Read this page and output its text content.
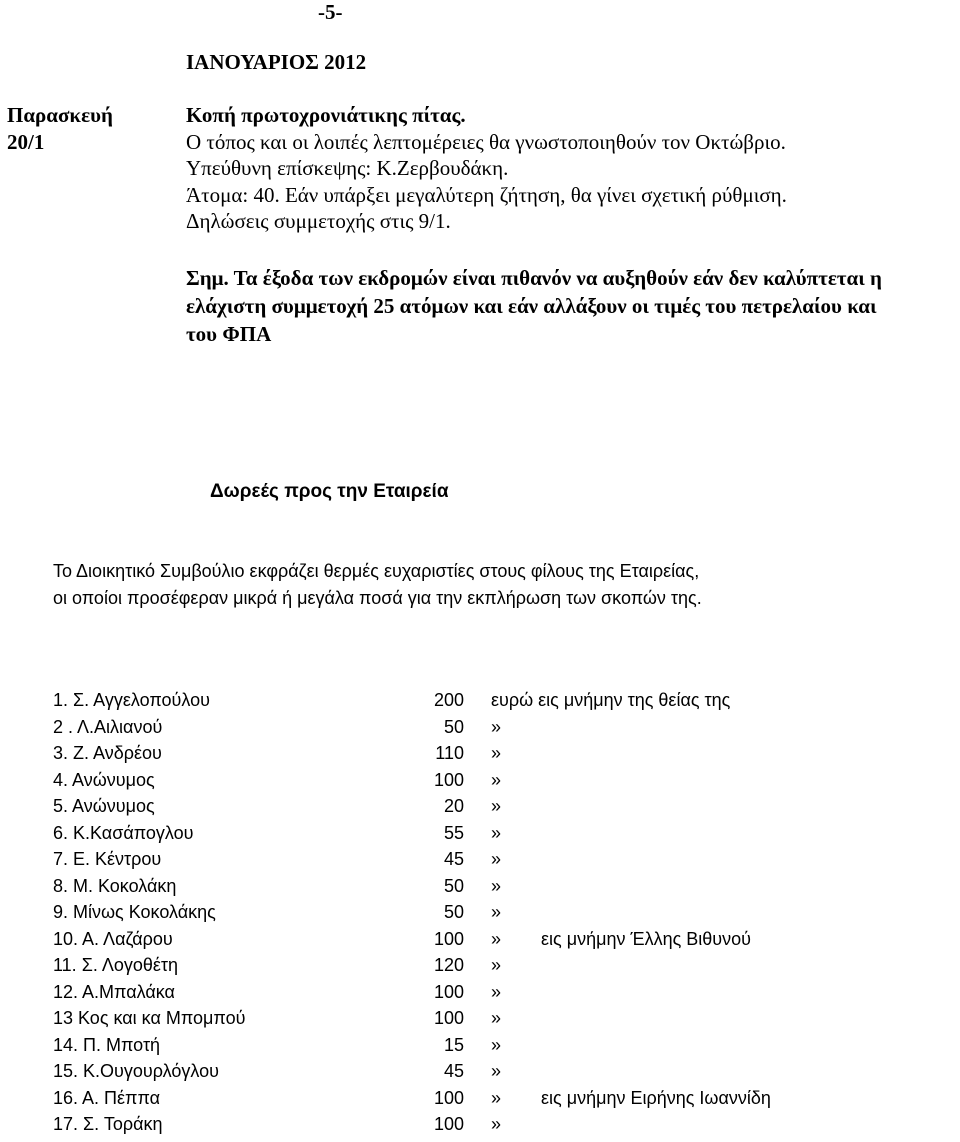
-5-
ΙΑΝΟΥΑΡΙΟΣ 2012
Παρασκευή
20/1
Κοπή πρωτοχρονιάτικης πίτας.
Ο τόπος και οι λοιπές λεπτομέρειες θα γνωστοποιηθούν τον Οκτώβριο.
Υπεύθυνη επίσκεψης: Κ.Ζερβουδάκη.
Άτομα: 40. Εάν υπάρξει μεγαλύτερη ζήτηση, θα γίνει σχετική ρύθμιση.
Δηλώσεις συμμετοχής στις 9/1.
Σημ. Τα έξοδα των εκδρομών είναι πιθανόν να αυξηθούν εάν δεν καλύπτεται η
ελάχιστη συμμετοχή 25 ατόμων και εάν αλλάξουν οι τιμές του πετρελαίου και
του ΦΠΑ
Δωρεές προς την Εταιρεία
Το Διοικητικό Συμβούλιο εκφράζει θερμές ευχαριστίες στους φίλους της Εταιρείας,
οι οποίοι προσέφεραν μικρά ή μεγάλα ποσά για την εκπλήρωση των σκοπών της.
1. Σ. Αγγελοπούλου	200 ευρώ εις μνήμην της θείας της
2 . Λ.Αιλιανού	50 »
3. Ζ. Ανδρέου	110 »
4. Ανώνυμος	100 »
5. Ανώνυμος	20 »
6. Κ.Κασάπογλου	55 »
7. Ε. Κέντρου	45 »
8. Μ. Κοκολάκη	50 »
9. Μίνως Κοκολάκης	50 »
10. Α. Λαζάρου	100 » εις μνήμην Έλλης Βιθυνού
11. Σ. Λογοθέτη	120 »
12. Α.Μπαλάκα	100 »
13 Κος και κα Μπομπού	100 »
14. Π. Μποτή	15 »
15. Κ.Ουγουρλόγλου	45 »
16. Α. Πέππα	100 » εις μνήμην Ειρήνης Ιωαννίδη
17. Σ. Τοράκη	100 »
